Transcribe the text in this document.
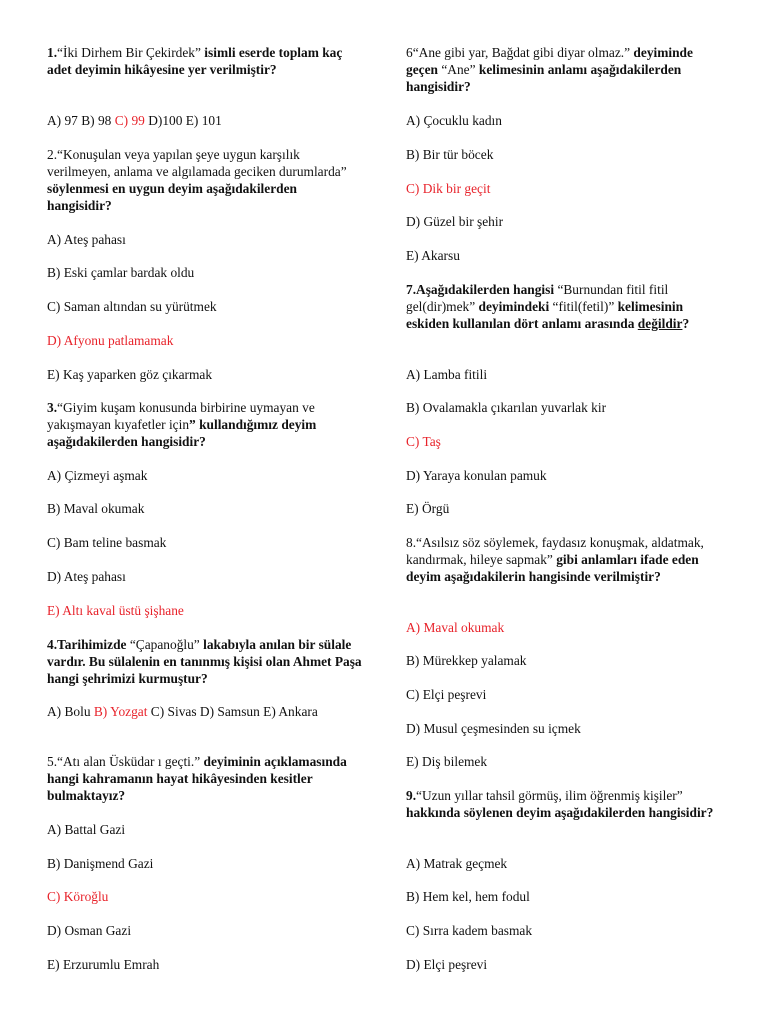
1.“İki Dirhem Bir Çekirdek” isimli eserde toplam kaç adet deyimin hikâyesine yer verilmiştir?
A) 97 B) 98 C) 99 D)100 E) 101
2.“Konuşulan veya yapılan şeye uygun karşılık verilmeyen, anlama ve algılamada geciken durumlarda” söylenmesi en uygun deyim aşağıdakilerden hangisidir?
A) Ateş pahası
B) Eski çamlar bardak oldu
C) Saman altından su yürütmek
D) Afyonu patlamamak
E) Kaş yaparken göz çıkarmak
3.“Giyim kuşam konusunda birbirine uymayan ve yakışmayan kıyafetler için” kullandığımız deyim aşağıdakilerden hangisidir?
A) Çizmeyi aşmak
B) Maval okumak
C) Bam teline basmak
D) Ateş pahası
E) Altı kaval üstü şişhane
4.Tarihimizde “Çapanoğlu” lakabıyla anılan bir sülale vardır. Bu sülalenin en tanınmış kişisi olan Ahmet Paşa hangi şehrimizi kurmuştur?
A) Bolu B) Yozgat C) Sivas D) Samsun E) Ankara
5.“Atı alan Üsküdar ı geçti.” deyiminin açıklamasında hangi kahramanın hayat hikâyesinden kesitler bulmaktayız?
A) Battal Gazi
B) Danişmend Gazi
C) Köroğlu
D) Osman Gazi
E) Erzurumlu Emrah
6“Ane gibi yar, Bağdat gibi diyar olmaz.” deyiminde geçen “Ane” kelimesinin anlamı aşağıdakilerden hangisidir?
A) Çocuklu kadın
B) Bir tür böcek
C) Dik bir geçit
D) Güzel bir şehir
E) Akarsu
7.Aşağıdakilerden hangisi “Burnundan fitil fitil gel(dir)mek” deyimindeki “fitil(fetil)” kelimesinin eskiden kullanılan dört anlamı arasında değildir?
A) Lamba fitili
B) Ovalamakla çıkarılan yuvarlak kir
C) Taş
D) Yaraya konulan pamuk
E) Örgü
8.“Asılsız söz söylemek, faydasız konuşmak, aldatmak, kandırmak, hileye sapmak” gibi anlamları ifade eden deyim aşağıdakilerin hangisinde verilmiştir?
A) Maval okumak
B) Mürekkep yalamak
C) Elçi peşrevi
D) Musul çeşmesinden su içmek
E) Diş bilemek
9.“Uzun yıllar tahsil görmüş, ilim öğrenmiş kişiler” hakkında söylenen deyim aşağıdakilerden hangisidir?
A) Matrak geçmek
B) Hem kel, hem fodul
C) Sırra kadem basmak
D) Elçi peşrevi
